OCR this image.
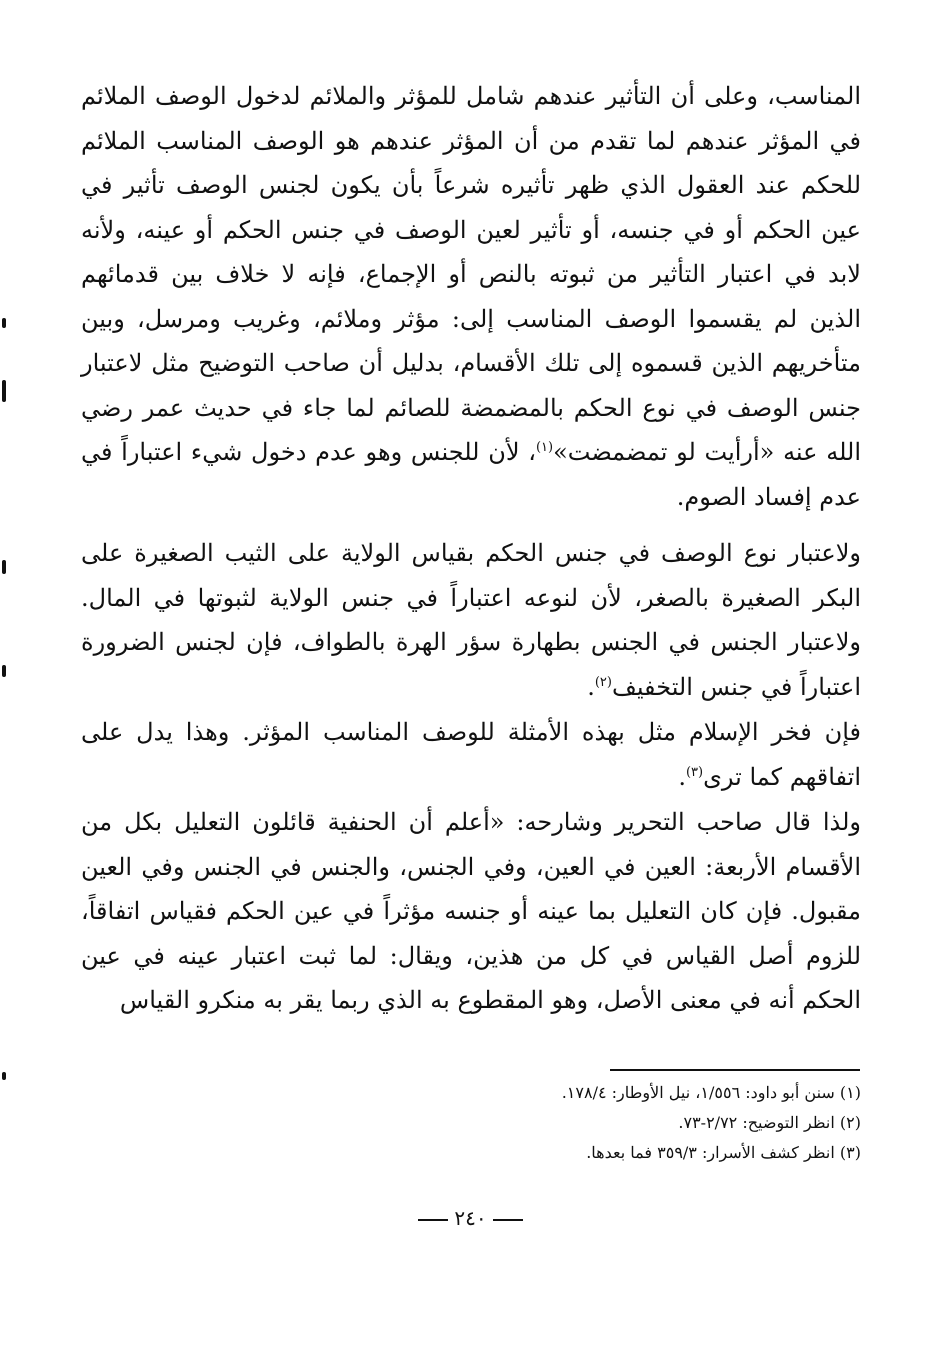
المناسب، وعلى أن التأثير عندهم شامل للمؤثر والملائم لدخول الوصف الملائم في المؤثر عندهم لما تقدم من أن المؤثر عندهم هو الوصف المناسب الملائم للحكم عند العقول الذي ظهر تأثيره شرعاً بأن يكون لجنس الوصف تأثير في عين الحكم أو في جنسه، أو تأثير لعين الوصف في جنس الحكم أو عينه، ولأنه لابد في اعتبار التأثير من ثبوته بالنص أو الإجماع، فإنه لا خلاف بين قدمائهم الذين لم يقسموا الوصف المناسب إلى: مؤثر وملائم، وغريب ومرسل، وبين متأخريهم الذين قسموه إلى تلك الأقسام، بدليل أن صاحب التوضيح مثل لاعتبار جنس الوصف في نوع الحكم بالمضمضة للصائم لما جاء في حديث عمر رضي الله عنه «أرأيت لو تمضمضت»$^{(١)}$، لأن للجنس وهو عدم دخول شيء اعتباراً في عدم إفساد الصوم.
ولاعتبار نوع الوصف في جنس الحكم بقياس الولاية على الثيب الصغيرة على البكر الصغيرة بالصغر، لأن لنوعه اعتباراً في جنس الولاية لثبوتها في المال. ولاعتبار الجنس في الجنس بطهارة سؤر الهرة بالطواف، فإن لجنس الضرورة اعتباراً في جنس التخفيف$^{(٢)}$.
فإن فخر الإسلام مثل بهذه الأمثلة للوصف المناسب المؤثر. وهذا يدل على اتفاقهم كما ترى$^{(٣)}$.
ولذا قال صاحب التحرير وشارحه: «أعلم أن الحنفية قائلون التعليل بكل من الأقسام الأربعة: العين في العين، وفي الجنس، والجنس في الجنس وفي العين مقبول. فإن كان التعليل بما عينه أو جنسه مؤثراً في عين الحكم فقياس اتفاقاً، للزوم أصل القياس في كل من هذين، ويقال: لما ثبت اعتبار عينه في عين الحكم أنه في معنى الأصل، وهو المقطوع به الذي ربما يقر به منكرو القياس

(١) سنن أبو داود: ١/٥٥٦، نيل الأوطار: ١٧٨/٤.

(٢) انظر التوضيح: ٢/٧٢-٧٣.

(٣) انظر كشف الأسرار: ٣٥٩/٣ فما بعدها.

٢٤٠
